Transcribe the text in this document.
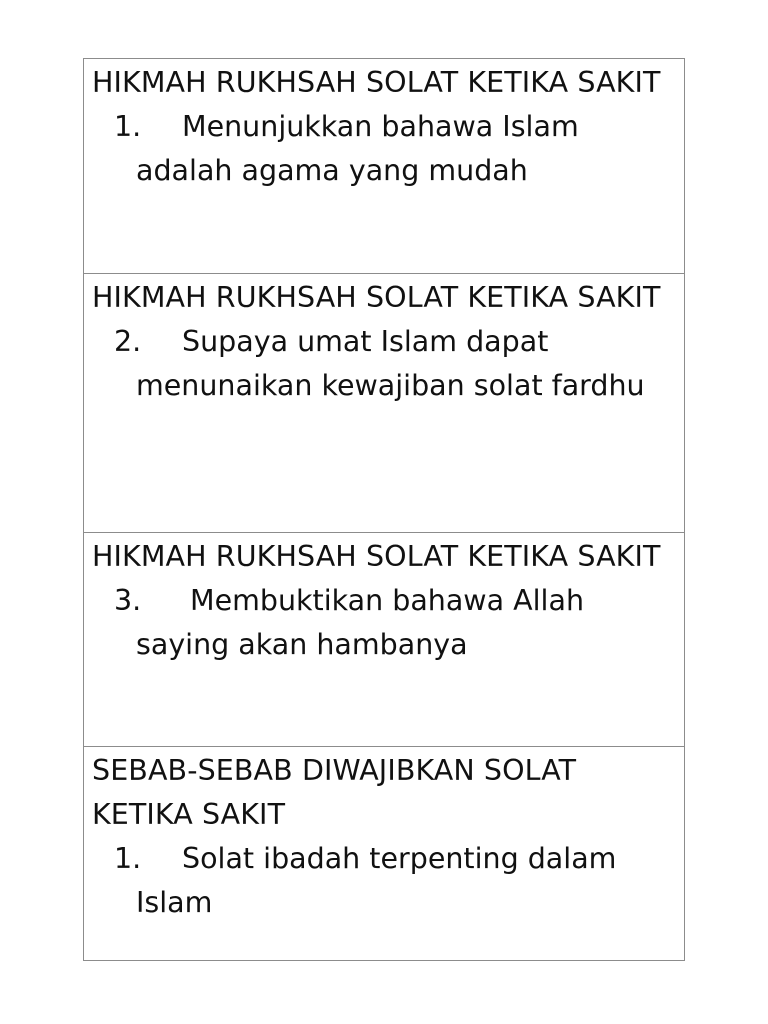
HIKMAH RUKHSAH SOLAT KETIKA SAKIT

1.	Menunjukkan bahawa Islam adalah agama yang mudah

HIKMAH RUKHSAH SOLAT KETIKA SAKIT

2.	Supaya umat Islam dapat menunaikan kewajiban solat fardhu

HIKMAH RUKHSAH SOLAT KETIKA SAKIT

3.	Membuktikan bahawa Allah saying akan hambanya

SEBAB-SEBAB DIWAJIBKAN SOLAT KETIKA SAKIT

1.	Solat ibadah terpenting dalam Islam
